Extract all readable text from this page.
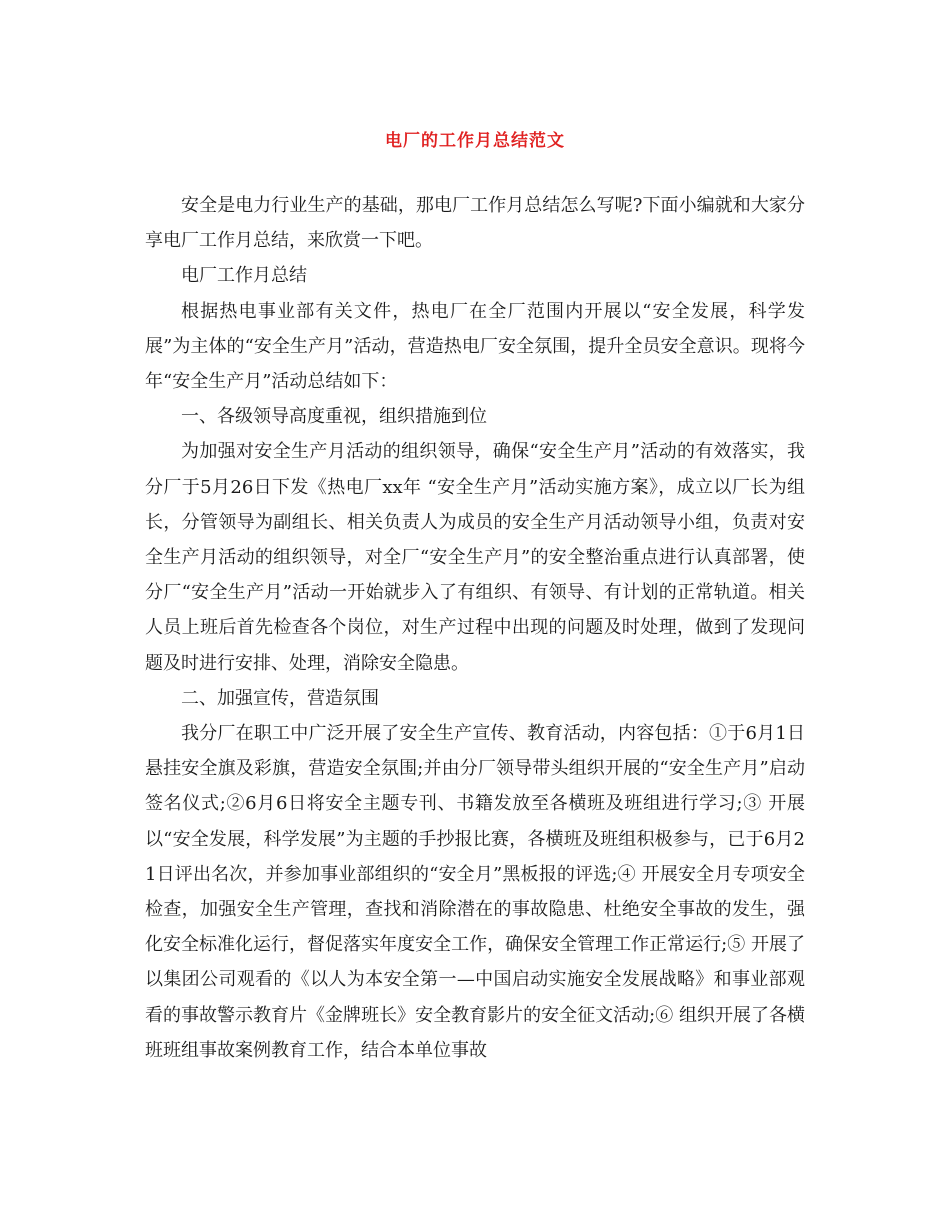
电厂的工作月总结范文

安全是电力行业生产的基础，那电厂工作月总结怎么写呢?下面小编就和大家分享电厂工作月总结，来欣赏一下吧。

电厂工作月总结

根据热电事业部有关文件，热电厂在全厂范围内开展以“安全发展，科学发展”为主体的“安全生产月”活动，营造热电厂安全氛围，提升全员安全意识。现将今年“安全生产月”活动总结如下：

一、各级领导高度重视，组织措施到位

为加强对安全生产月活动的组织领导，确保“安全生产月”活动的有效落实，我分厂于5月26日下发《热电厂xx年 “安全生产月”活动实施方案》，成立以厂长为组长，分管领导为副组长、相关负责人为成员的安全生产月活动领导小组，负责对安全生产月活动的组织领导，对全厂“安全生产月”的安全整治重点进行认真部署，使分厂“安全生产月”活动一开始就步入了有组织、有领导、有计划的正常轨道。相关人员上班后首先检查各个岗位，对生产过程中出现的问题及时处理，做到了发现问题及时进行安排、处理，消除安全隐患。

二、加强宣传，营造氛围

我分厂在职工中广泛开展了安全生产宣传、教育活动，内容包括：①于6月1日悬挂安全旗及彩旗，营造安全氛围;并由分厂领导带头组织开展的“安全生产月”启动签名仪式;②6月6日将安全主题专刊、书籍发放至各横班及班组进行学习;③ 开展以“安全发展，科学发展”为主题的手抄报比赛，各横班及班组积极参与，已于6月21日评出名次，并参加事业部组织的“安全月”黑板报的评选;④ 开展安全月专项安全检查，加强安全生产管理，查找和消除潜在的事故隐患、杜绝安全事故的发生，强化安全标准化运行，督促落实年度安全工作，确保安全管理工作正常运行;⑤ 开展了以集团公司观看的《以人为本安全第一—中国启动实施安全发展战略》和事业部观看的事故警示教育片《金牌班长》安全教育影片的安全征文活动;⑥ 组织开展了各横班班组事故案例教育工作，结合本单位事故
